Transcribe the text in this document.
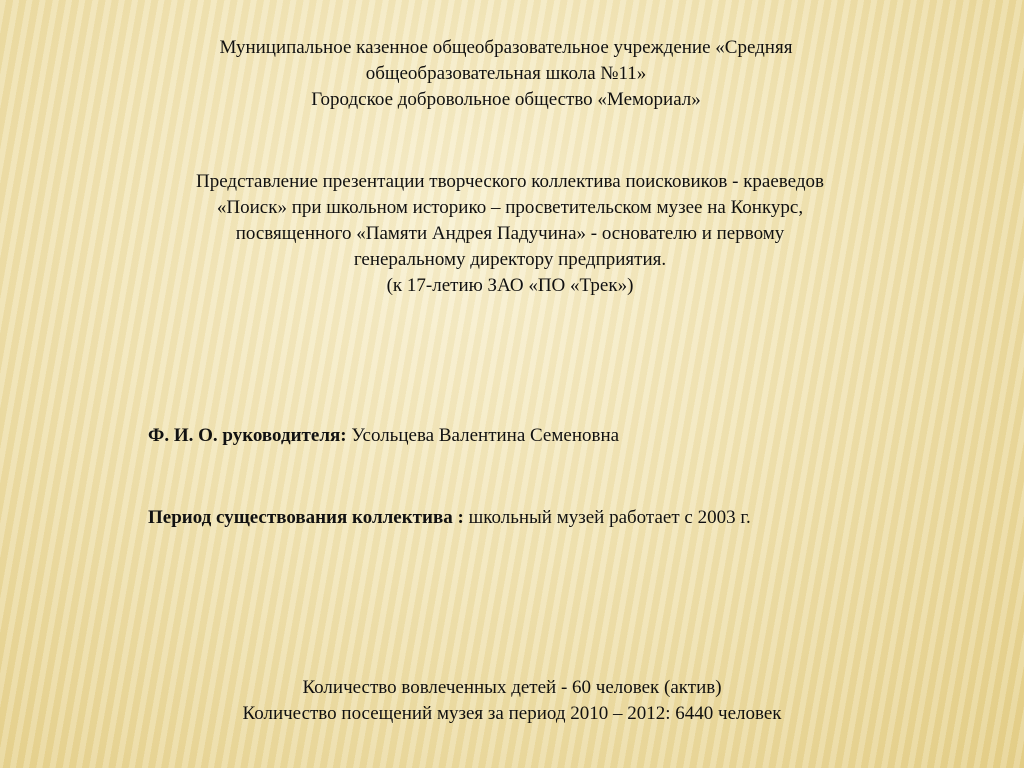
Муниципальное казенное общеобразовательное учреждение «Средняя
общеобразовательная школа №11»
Городское добровольное общество «Мемориал»
Представление презентации творческого коллектива поисковиков - краеведов
«Поиск» при школьном историко – просветительском музее на Конкурс,
посвященного «Памяти Андрея Падучина» - основателю и первому
генеральному директору предприятия.
(к 17-летию ЗАО «ПО «Трек»)
Ф. И. О. руководителя: Усольцева Валентина Семеновна
Период существования коллектива : школьный музей работает с 2003 г.
Количество вовлеченных детей - 60 человек (актив)
Количество посещений музея за период 2010 – 2012: 6440 человек
